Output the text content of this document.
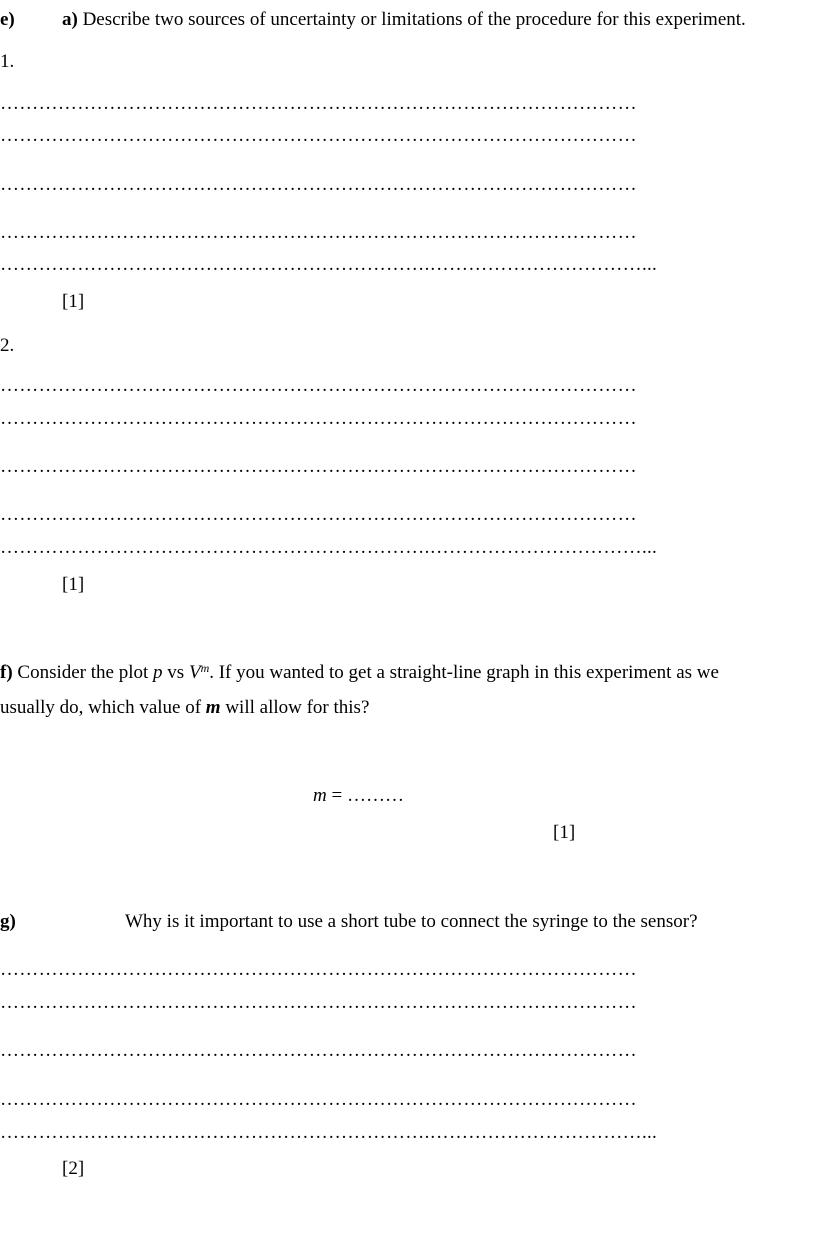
e) a) Describe two sources of uncertainty or limitations of the procedure for this experiment.
1.
………………………………………………………………………………………
………………………………………………………………………………………
………………………………………………………………………………………
………………………………………………………………………………………
………………………………………………………….……………………………...
[1]
2.
………………………………………………………………………………………
………………………………………………………………………………………
………………………………………………………………………………………
………………………………………………………………………………………
………………………………………………………….……………………………...
[1]
f) Consider the plot p vs $V^m$. If you wanted to get a straight-line graph in this experiment as we
usually do, which value of m will allow for this?
m = ………
[1]
g)	Why is it important to use a short tube to connect the syringe to the sensor?
………………………………………………………………………………………
………………………………………………………………………………………
………………………………………………………………………………………
………………………………………………………………………………………
………………………………………………………….……………………………...
[2]
